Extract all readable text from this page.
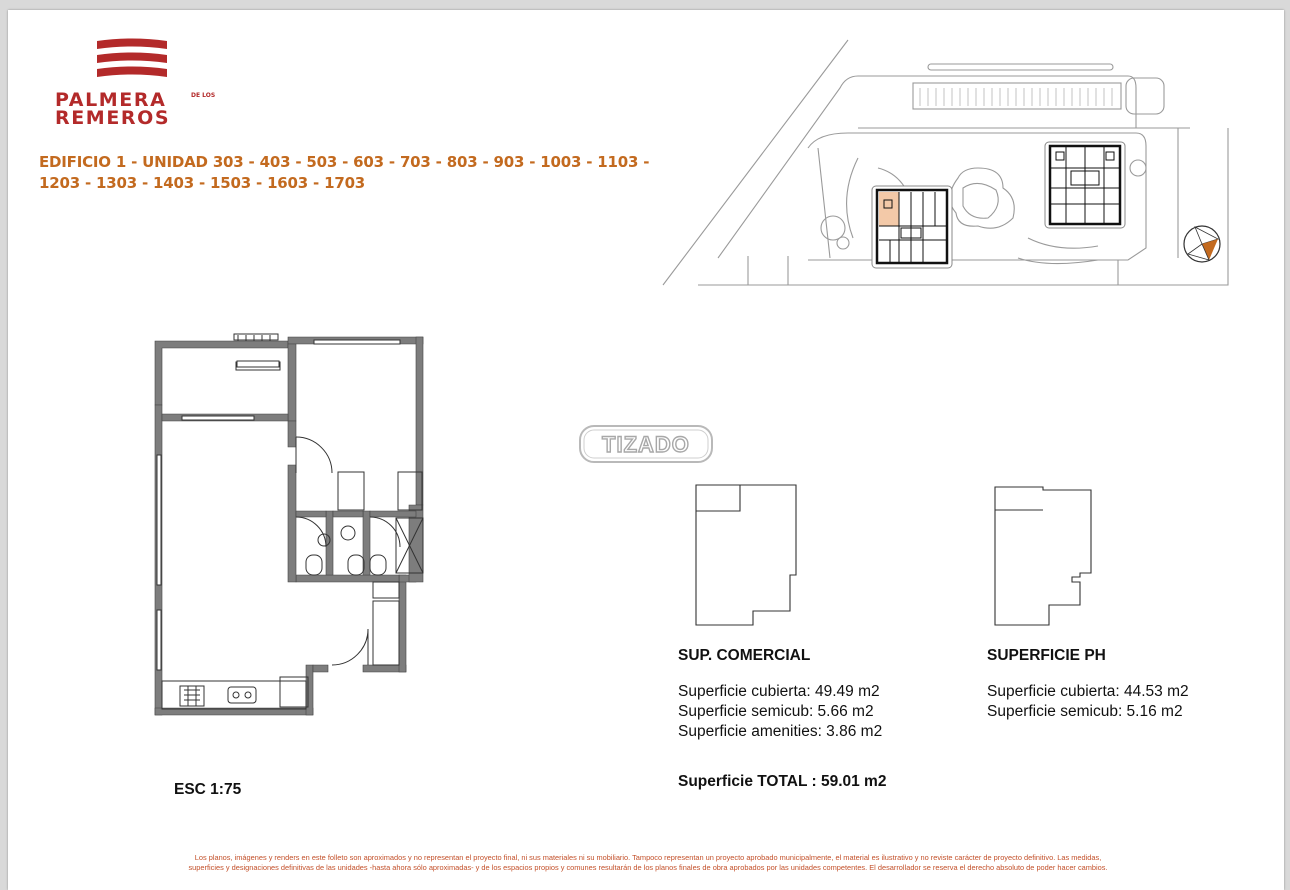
PALMERA	DE LOS
REMEROS
EDIFICIO 1 - UNIDAD 303 - 403 - 503 - 603 - 703 - 803 - 903 - 1003 - 1103 -
1203 - 1303 - 1403 - 1503 - 1603 - 1703
TIZADO
SUP. COMERCIAL
Superficie cubierta: 49.49 m2
Superficie semicub: 5.66 m2
Superficie amenities: 3.86 m2
Superficie TOTAL : 59.01 m2
SUPERFICIE PH
Superficie cubierta: 44.53 m2
Superficie semicub: 5.16 m2
ESC 1:75
Los planos, imágenes y renders en este folleto son aproximados y no representan el proyecto final, ni sus materiales ni su mobiliario. Tampoco representan un proyecto aprobado municipalmente, el material es ilustrativo y no reviste carácter de proyecto definitivo. Las medidas,
superficies y designaciones definitivas de las unidades -hasta ahora sólo aproximadas- y de los espacios propios y comunes resultarán de los planos finales de obra aprobados por las unidades competentes. El desarrollador se reserva el derecho absoluto de poder hacer cambios.
